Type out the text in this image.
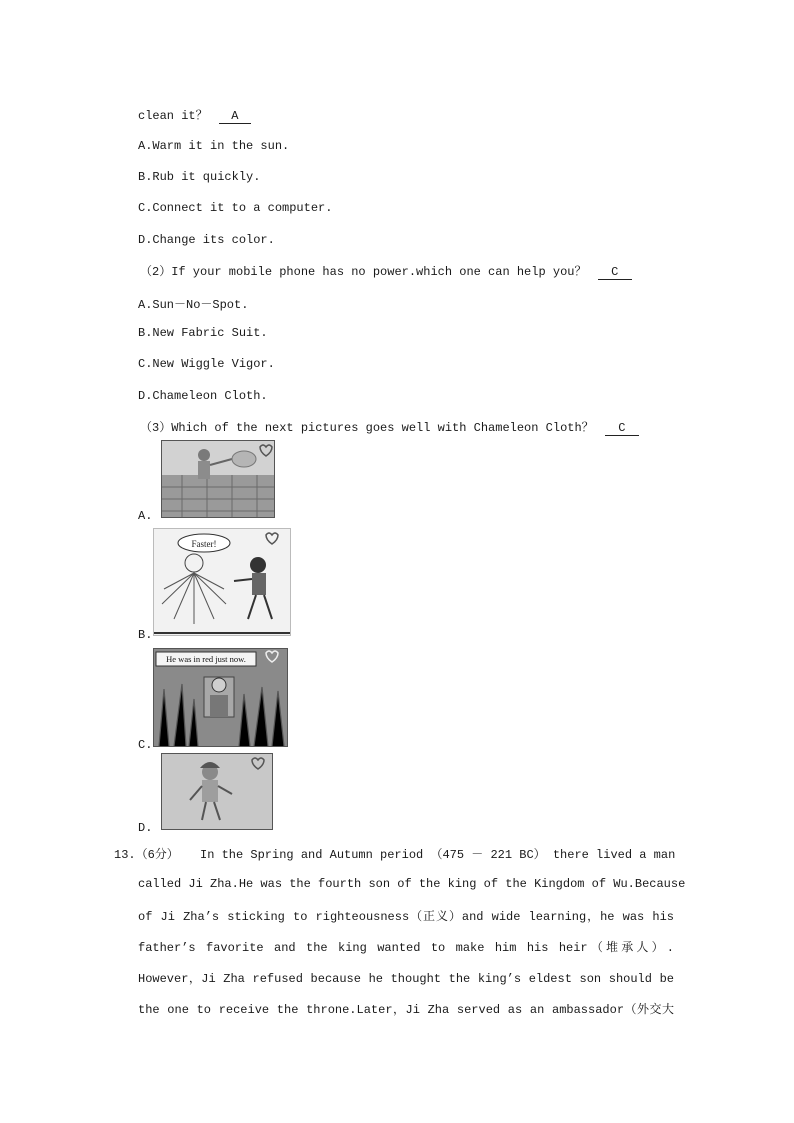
clean it？ A
A.Warm it in the sun.
B.Rub it quickly.
C.Connect it to a computer.
D.Change its color.
（2）If your mobile phone has no power.which one can help you？ C
A.Sun－No－Spot.
B.New Fabric Suit.
C.New Wiggle Vigor.
D.Chameleon Cloth.
（3）Which of the next pictures goes well with Chameleon Cloth？ C
A.
Faster!
B.
He was in red just now.
C.
D.
13.（6分） In the Spring and Autumn period （475 － 221 BC） there lived a man
called Ji Zha.He was the fourth son of the king of the Kingdom of Wu.Because
of Ji Zha’s sticking to righteousness（正义）and wide learning，he was his
father’s favorite and the king wanted to make him his heir（堆承人）.
However，Ji Zha refused because he thought the king’s eldest son should be
the one to receive the throne.Later，Ji Zha served as an ambassador（外交大
